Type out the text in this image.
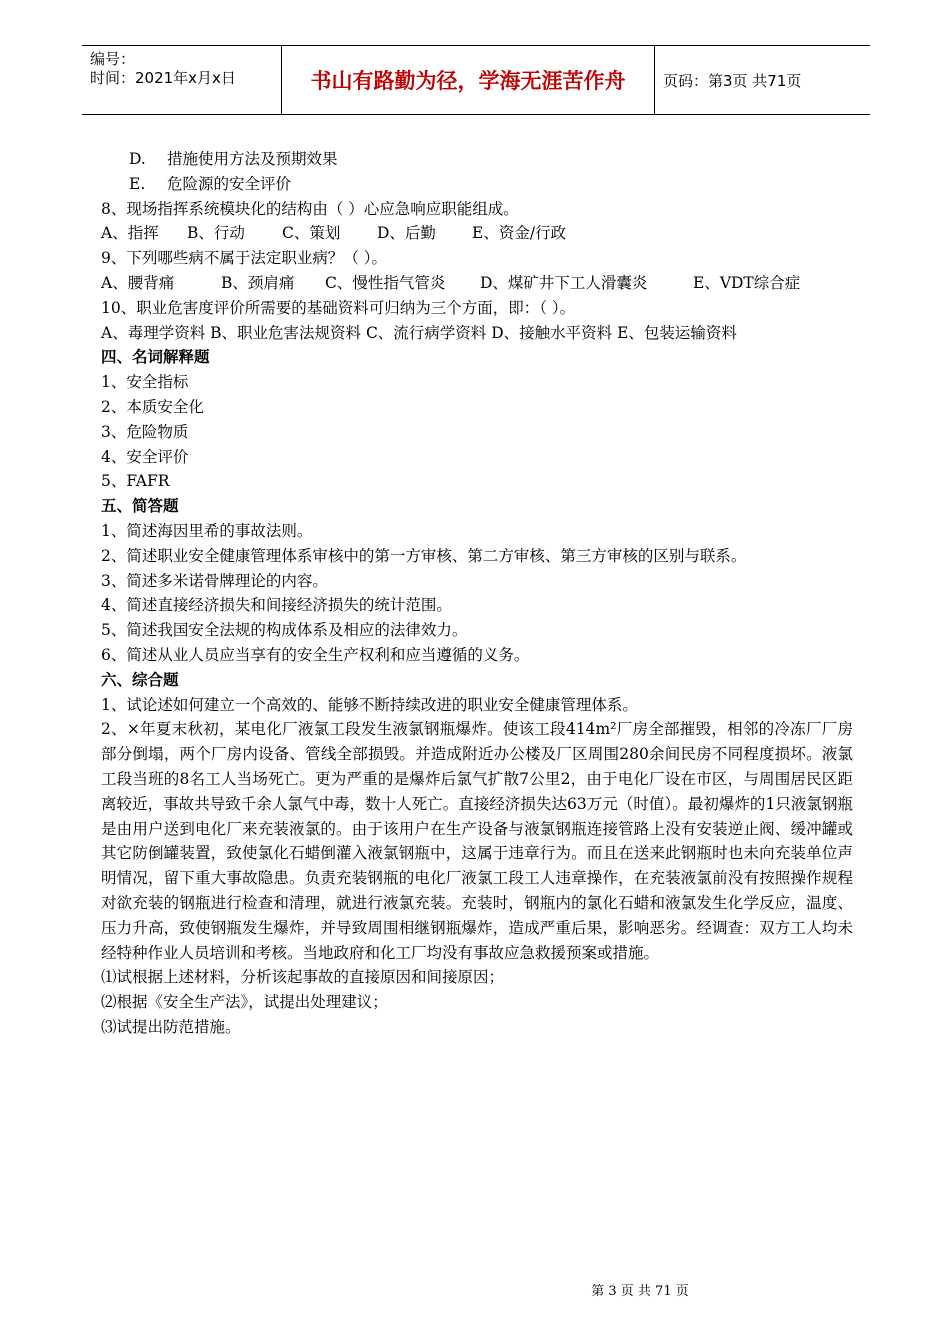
编号：
时间：2021年x月x日	书山有路勤为径，学海无涯苦作舟	页码：第3页 共71页

D. 措施使用方法及预期效果

E. 危险源的安全评价

8、现场指挥系统模块化的结构由（ ）心应急响应职能组成。

A、指挥 B、行动 C、策划 D、后勤 E、资金/行政

9、下列哪些病不属于法定职业病？（ ）。

A、腰背痛	B、颈肩痛 C、慢性指气管炎 D、煤矿井下工人滑囊炎	E、VDT综合症

10、职业危害度评价所需要的基础资料可归纳为三个方面，即：（ ）。

A、毒理学资料 B、职业危害法规资料 C、流行病学资料 D、接触水平资料 E、包装运输资料

四、名词解释题

1、安全指标

2、本质安全化

3、危险物质

4、安全评价

5、FAFR

五、简答题

1、简述海因里希的事故法则。

2、简述职业安全健康管理体系审核中的第一方审核、第二方审核、第三方审核的区别与联系。

3、简述多米诺骨牌理论的内容。

4、简述直接经济损失和间接经济损失的统计范围。

5、简述我国安全法规的构成体系及相应的法律效力。

6、简述从业人员应当享有的安全生产权利和应当遵循的义务。

六、综合题

1、试论述如何建立一个高效的、能够不断持续改进的职业安全健康管理体系。

2、×年夏末秋初，某电化厂液氯工段发生液氯钢瓶爆炸。使该工段414m²厂房全部摧毁，相邻的冷冻厂厂房部分倒塌，两个厂房内设备、管线全部损毁。并造成附近办公楼及厂区周围280余间民房不同程度损坏。液氯工段当班的8名工人当场死亡。更为严重的是爆炸后氯气扩散7公里2，由于电化厂设在市区，与周围居民区距离较近，事故共导致千余人氯气中毒，数十人死亡。直接经济损失达63万元（时值）。最初爆炸的1只液氯钢瓶是由用户送到电化厂来充装液氯的。由于该用户在生产设备与液氯钢瓶连接管路上没有安装逆止阀、缓冲罐或其它防倒罐装置，致使氯化石蜡倒灌入液氯钢瓶中，这属于违章行为。而且在送来此钢瓶时也未向充装单位声明情况，留下重大事故隐患。负责充装钢瓶的电化厂液氯工段工人违章操作，在充装液氯前没有按照操作规程对欲充装的钢瓶进行检查和清理，就进行液氯充装。充装时，钢瓶内的氯化石蜡和液氯发生化学反应，温度、压力升高，致使钢瓶发生爆炸，并导致周围相继钢瓶爆炸，造成严重后果，影响恶劣。经调查：双方工人均未经特种作业人员培训和考核。当地政府和化工厂均没有事故应急救援预案或措施。

⑴试根据上述材料，分析该起事故的直接原因和间接原因；

⑵根据《安全生产法》，试提出处理建议；

⑶试提出防范措施。

第 3 页 共 71 页
